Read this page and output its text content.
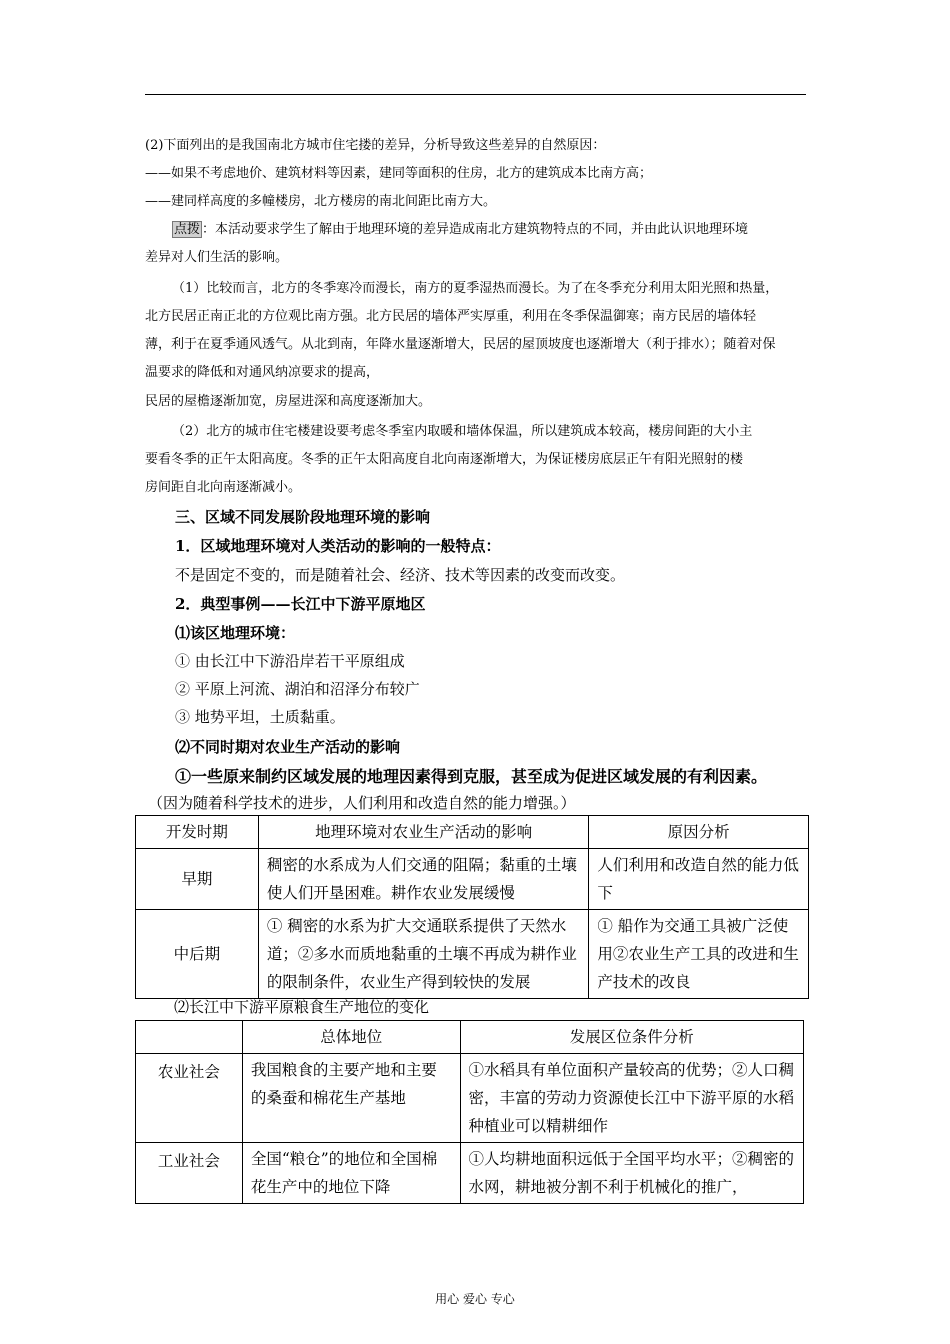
(2)下面列出的是我国南北方城市住宅搂的差异，分析导致这些差异的自然原因：

——如果不考虑地价、建筑材料等因素，建同等面积的住房，北方的建筑成本比南方高；

——建同样高度的多幢楼房，北方楼房的南北间距比南方大。

点拨 ：本活动要求学生了解由于地理环境的差异造成南北方建筑物特点的不同，并由此认识地理环境

差异对人们生活的影响。

（1）比较而言，北方的冬季寒冷而漫长，南方的夏季湿热而漫长。为了在冬季充分利用太阳光照和热量，

北方民居正南正北的方位观比南方强。北方民居的墙体严实厚重，利用在冬季保温御寒；南方民居的墙体轻

薄，利于在夏季通风透气。从北到南，年降水量逐渐增大，民居的屋顶坡度也逐渐增大（利于排水）；随着对保

温要求的降低和对通风纳凉要求的提高，

民居的屋檐逐渐加宽，房屋进深和高度逐渐加大。

（2）北方的城市住宅楼建设要考虑冬季室内取暖和墙体保温，所以建筑成本较高，楼房间距的大小主

要看冬季的正午太阳高度。冬季的正午太阳高度自北向南逐渐增大，为保证楼房底层正午有阳光照射的楼

房间距自北向南逐渐减小。

三、区域不同发展阶段地理环境的影响

1．区域地理环境对人类活动的影响的一般特点：

不是固定不变的，而是随着社会、经济、技术等因素的改变而改变。

2．典型事例——长江中下游平原地区

⑴该区地理环境：

① 由长江中下游沿岸若干平原组成

② 平原上河流、湖泊和沼泽分布较广

③ 地势平坦，土质黏重。

⑵不同时期对农业生产活动的影响

①一些原来制约区域发展的地理因素得到克服，甚至成为促进区域发展的有利因素。

（因为随着科学技术的进步，人们利用和改造自然的能力增强。）

开发时期	地理环境对农业生产活动的影响	原因分析
早期	稠密的水系成为人们交通的阻隔；黏重的土壤使人们开垦困难。耕作农业发展缓慢	人们利用和改造自然的能力低下
中后期	① 稠密的水系为扩大交通联系提供了天然水道；②多水而质地黏重的土壤不再成为耕作业的限制条件，农业生产得到较快的发展	① 船作为交通工具被广泛使用②农业生产工具的改进和生产技术的改良

⑵长江中下游平原粮食生产地位的变化

	总体地位	发展区位条件分析
农业社会	我国粮食的主要产地和主要的桑蚕和棉花生产基地	①水稻具有单位面积产量较高的优势；②人口稠密，丰富的劳动力资源使长江中下游平原的水稻种植业可以精耕细作
工业社会	全国“粮仓”的地位和全国棉花生产中的地位下降	①人均耕地面积远低于全国平均水平；②稠密的水网，耕地被分割不利于机械化的推广，
用心 爱心 专心
